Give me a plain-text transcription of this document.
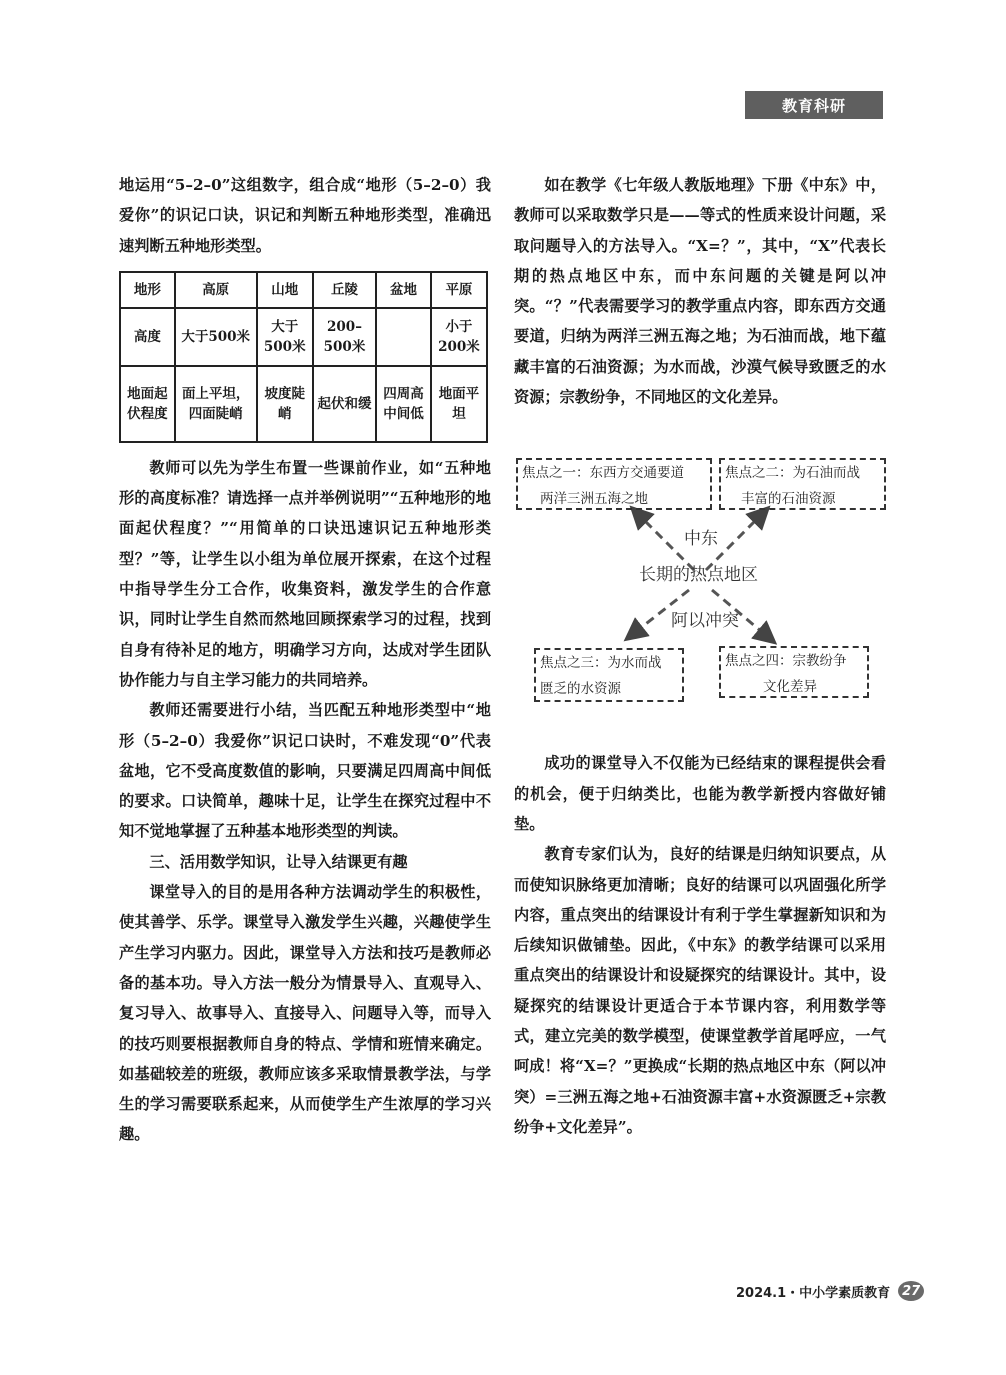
教育科研

地运用“5–2–0”这组数字，组合成“地形（5–2–0）我爱你”的识记口诀，识记和判断五种地形类型，准确迅速判断五种地形类型。

地形	高原	山地	丘陵	盆地	平原
高度	大于500米	大于500米	200–500米		小于200米
地面起伏程度	面上平坦，四面陡峭	坡度陡峭	起伏和缓	四周高中间低	地面平坦

教师可以先为学生布置一些课前作业，如“五种地形的高度标准？请选择一点并举例说明”“五种地形的地面起伏程度？”“用简单的口诀迅速识记五种地形类型？”等，让学生以小组为单位展开探索，在这个过程中指导学生分工合作，收集资料，激发学生的合作意识，同时让学生自然而然地回顾探索学习的过程，找到自身有待补足的地方，明确学习方向，达成对学生团队协作能力与自主学习能力的共同培养。

教师还需要进行小结，当匹配五种地形类型中“地形（5–2–0）我爱你”识记口诀时，不难发现“0”代表盆地，它不受高度数值的影响，只要满足四周高中间低的要求。口诀简单，趣味十足，让学生在探究过程中不知不觉地掌握了五种基本地形类型的判读。

三、活用数学知识，让导入结课更有趣

课堂导入的目的是用各种方法调动学生的积极性，使其善学、乐学。课堂导入激发学生兴趣，兴趣使学生产生学习内驱力。因此，课堂导入方法和技巧是教师必备的基本功。导入方法一般分为情景导入、直观导入、复习导入、故事导入、直接导入、问题导入等，而导入的技巧则要根据教师自身的特点、学情和班情来确定。如基础较差的班级，教师应该多采取情景教学法，与学生的学习需要联系起来，从而使学生产生浓厚的学习兴趣。

如在教学《七年级人教版地理》下册《中东》中，教师可以采取数学只是——等式的性质来设计问题，采取问题导入的方法导入。“X=？”，其中，“X”代表长期的热点地区中东，而中东问题的关键是阿以冲突。“？”代表需要学习的教学重点内容，即东西方交通要道，归纳为两洋三洲五海之地；为石油而战，地下蕴藏丰富的石油资源；为水而战，沙漠气候导致匮乏的水资源；宗教纷争，不同地区的文化差异。

焦点之一：东西方交通要道
两洋三洲五海之地
焦点之二：为石油而战
丰富的石油资源
中东
长期的热点地区
阿以冲突
焦点之三：为水而战
匮乏的水资源
焦点之四：宗教纷争
文化差异

成功的课堂导入不仅能为已经结束的课程提供会看的机会，便于归纳类比，也能为教学新授内容做好铺垫。

教育专家们认为，良好的结课是归纳知识要点，从而使知识脉络更加清晰；良好的结课可以巩固强化所学内容，重点突出的结课设计有利于学生掌握新知识和为后续知识做铺垫。因此，《中东》的教学结课可以采用重点突出的结课设计和设疑探究的结课设计。其中，设疑探究的结课设计更适合于本节课内容，利用数学等式，建立完美的数学模型，使课堂教学首尾呼应，一气呵成！将“X=？”更换成“长期的热点地区中东（阿以冲突）=三洲五海之地+石油资源丰富+水资源匮乏+宗教纷争+文化差异”。

2024.1・中小学素质教育 27
